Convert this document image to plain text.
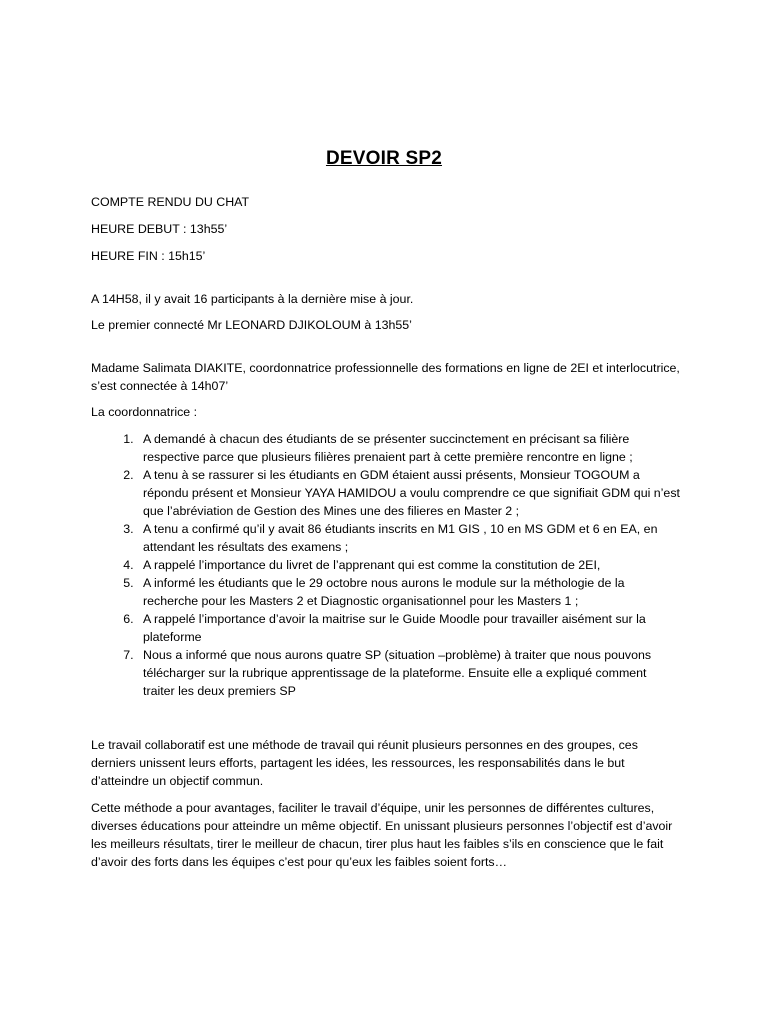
DEVOIR SP2

COMPTE RENDU DU CHAT

HEURE DEBUT : 13h55’

HEURE FIN : 15h15’

A 14H58, il y avait 16 participants à la dernière mise à jour.

Le premier connecté Mr LEONARD DJIKOLOUM à 13h55’

Madame Salimata DIAKITE, coordonnatrice professionnelle des formations en ligne de 2EI et interlocutrice, s’est connectée à 14h07’

La coordonnatrice :

1. A demandé à chacun des étudiants de se présenter succinctement en précisant sa filière respective parce que plusieurs filières prenaient part à cette première rencontre en ligne ;
2. A tenu à se rassurer si les étudiants en GDM étaient aussi présents, Monsieur TOGOUM a répondu présent et Monsieur YAYA HAMIDOU a voulu comprendre ce que signifiait GDM qui n’est que l’abréviation de Gestion des Mines une des filieres en Master 2 ;
3. A tenu a confirmé qu’il y avait 86 étudiants inscrits en M1 GIS , 10 en MS GDM et 6 en EA, en attendant les résultats des examens ;
4. A rappelé l’importance du livret de l’apprenant qui est comme la constitution de 2EI,
5. A informé les étudiants que le 29 octobre nous aurons le module sur la méthologie de la recherche pour les Masters 2 et Diagnostic organisationnel pour les Masters 1 ;
6. A rappelé l’importance d’avoir la maitrise sur le Guide Moodle pour travailler aisément sur la plateforme
7. Nous a informé que nous aurons quatre SP (situation –problème) à traiter que nous pouvons télécharger sur la rubrique apprentissage de la plateforme. Ensuite elle a expliqué comment traiter les deux premiers SP

Le travail collaboratif est une méthode de travail qui réunit plusieurs personnes en des groupes, ces derniers unissent leurs efforts, partagent les idées, les ressources, les responsabilités dans le but d’atteindre un objectif commun.

Cette méthode a pour avantages, faciliter le travail d’équipe, unir les personnes de différentes cultures, diverses éducations pour atteindre un même objectif. En unissant plusieurs personnes l’objectif est d’avoir les meilleurs résultats, tirer le meilleur de chacun, tirer plus haut les faibles s’ils en conscience que le fait d’avoir des forts dans les équipes c’est pour qu’eux les faibles soient forts…
